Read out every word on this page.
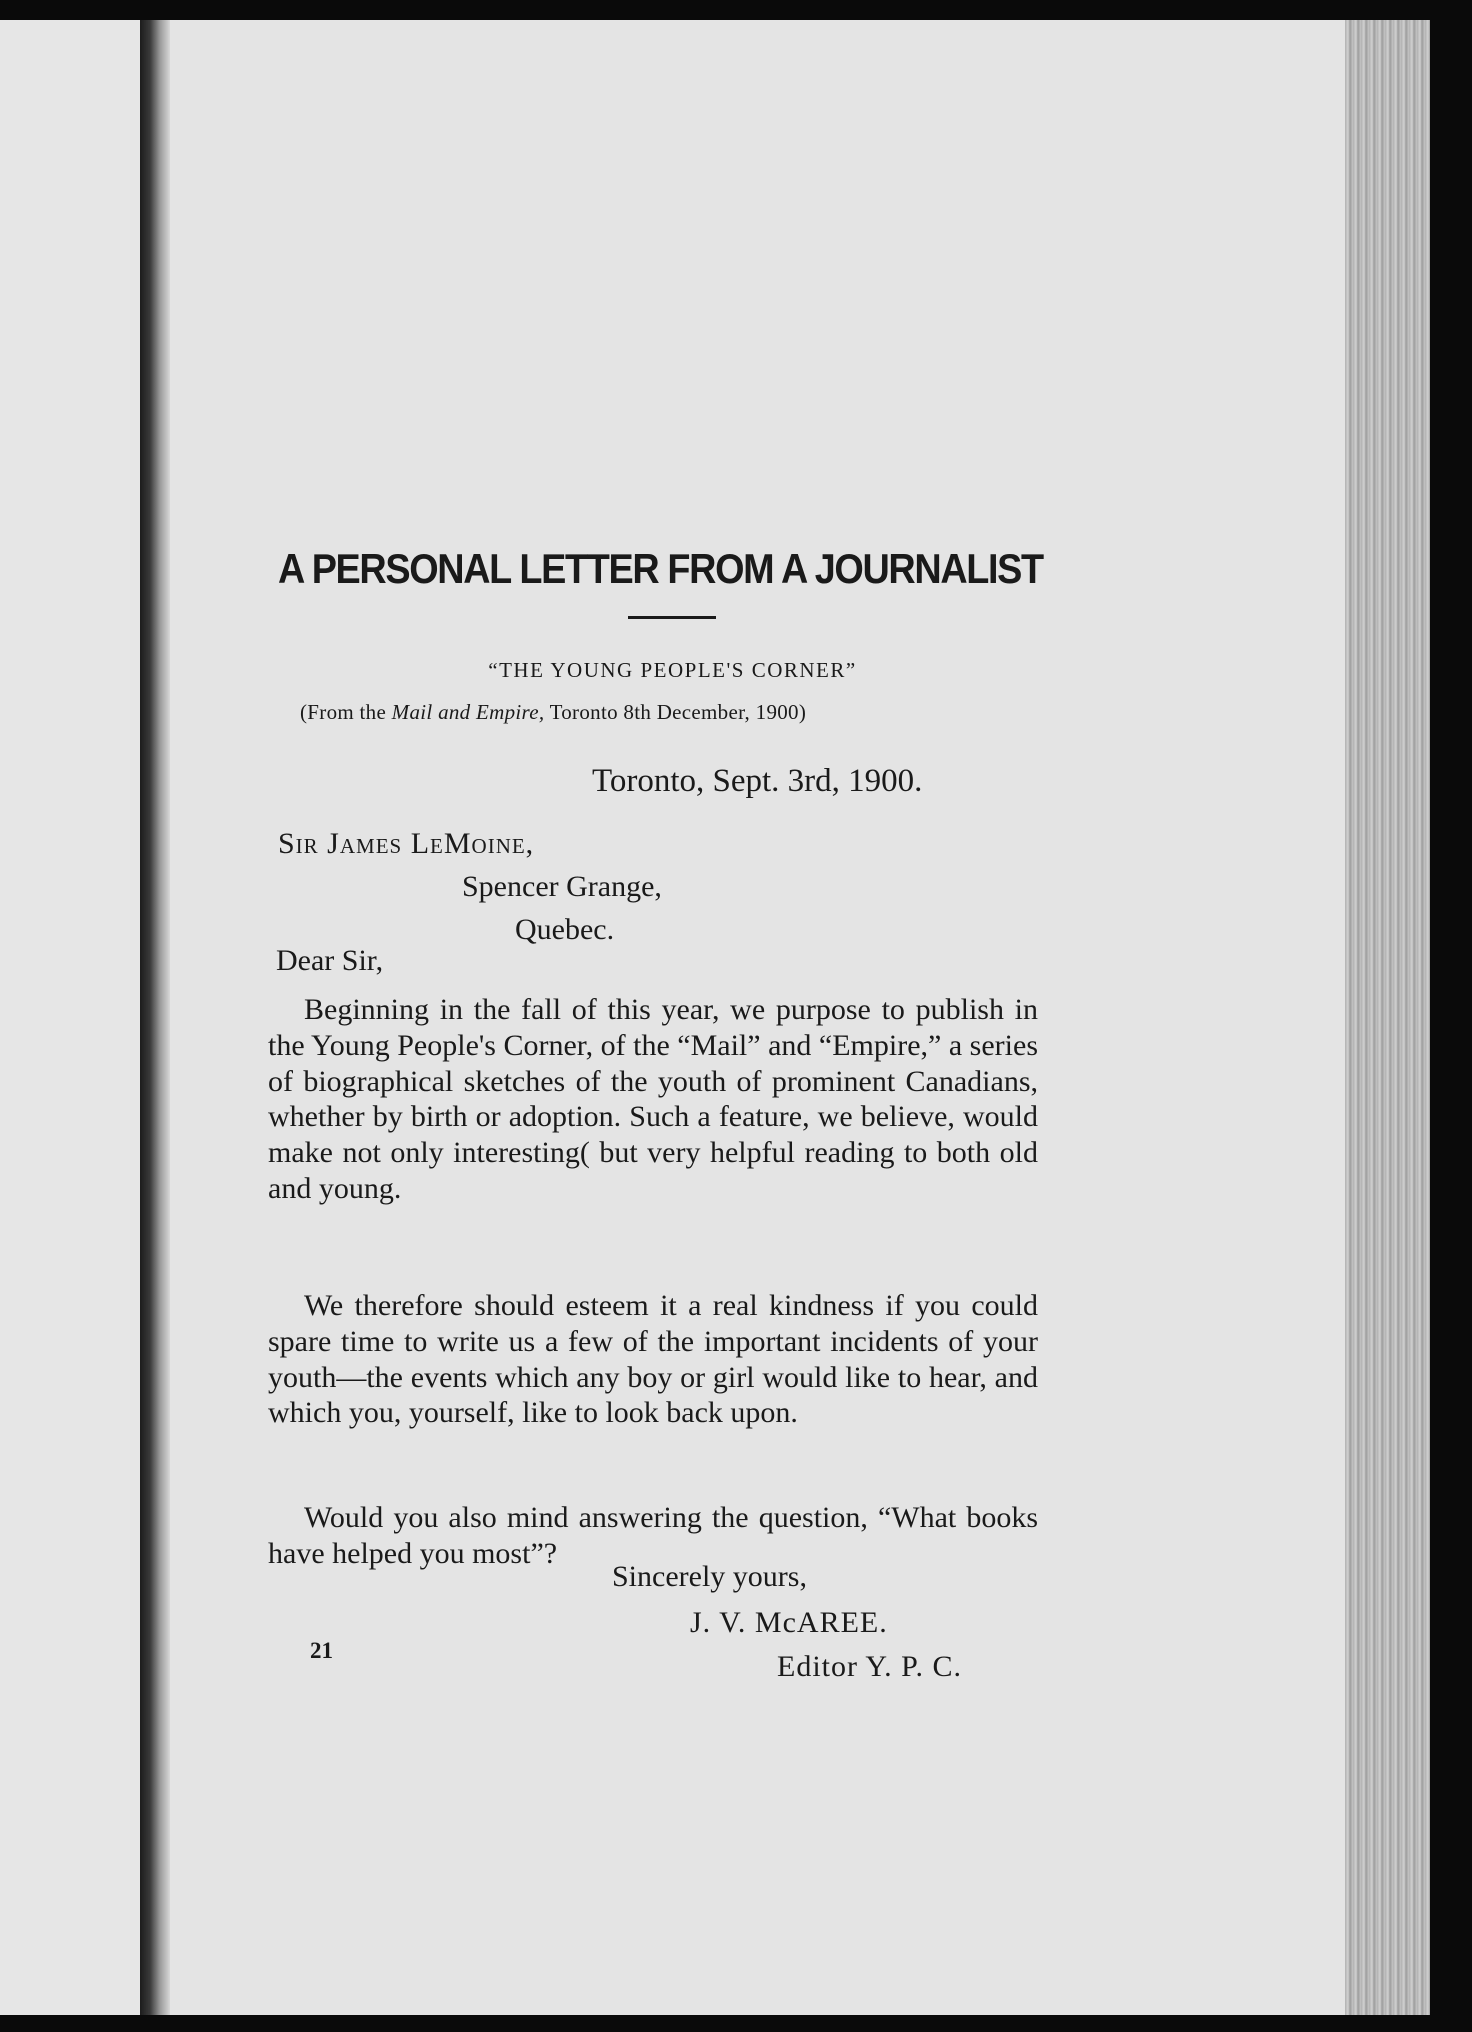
A PERSONAL LETTER FROM A JOURNALIST
“THE YOUNG PEOPLE'S CORNER”
(From the Mail and Empire, Toronto 8th December, 1900)
Toronto, Sept. 3rd, 1900.
Sir James LeMoine,
Spencer Grange,
Quebec.
Dear Sir,

Beginning in the fall of this year, we purpose to publish in the Young People's Corner, of the “Mail” and “Empire,” a series of biographical sketches of the youth of prominent Canadians, whether by birth or adoption. Such a feature, we believe, would make not only interesting( but very helpful reading to both old and young.

We therefore should esteem it a real kindness if you could spare time to write us a few of the important incidents of your youth—the events which any boy or girl would like to hear, and which you, yourself, like to look back upon.

Would you also mind answering the question, “What books have helped you most”?

Sincerely yours,
J. V. McAREE.
Editor Y. P. C.
21
